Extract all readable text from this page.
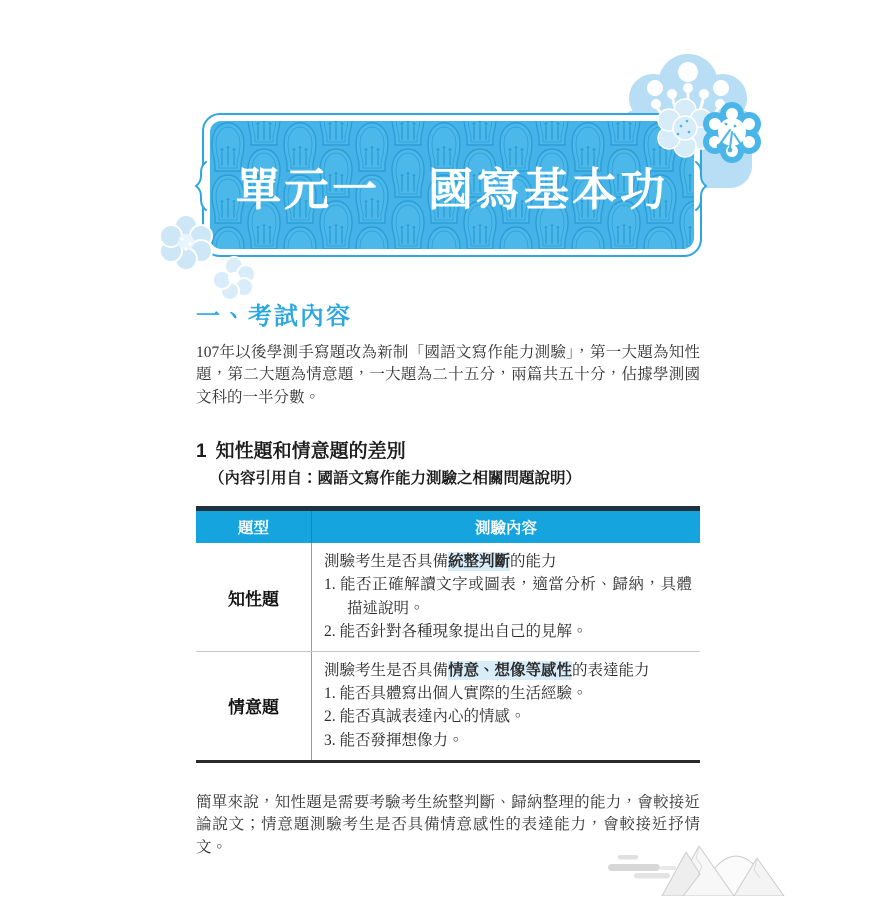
單元一　國寫基本功
一、考試內容

107年以後學測手寫題改為新制「國語文寫作能力測驗」，第一大題為知性題，第二大題為情意題，一大題為二十五分，兩篇共五十分，佔據學測國文科的一半分數。

1 知性題和情意題的差別
（內容引用自：國語文寫作能力測驗之相關問題說明）
題型	測驗內容
知性題
測驗考生是否具備統整判斷的能力
1. 能否正確解讀文字或圖表，適當分析、歸納，具體描述說明。
2. 能否針對各種現象提出自己的見解。
情意題
測驗考生是否具備情意、想像等感性的表達能力
1. 能否具體寫出個人實際的生活經驗。
2. 能否真誠表達內心的情感。
3. 能否發揮想像力。

簡單來說，知性題是需要考驗考生統整判斷、歸納整理的能力，會較接近論說文；情意題測驗考生是否具備情意感性的表達能力，會較接近抒情文。
